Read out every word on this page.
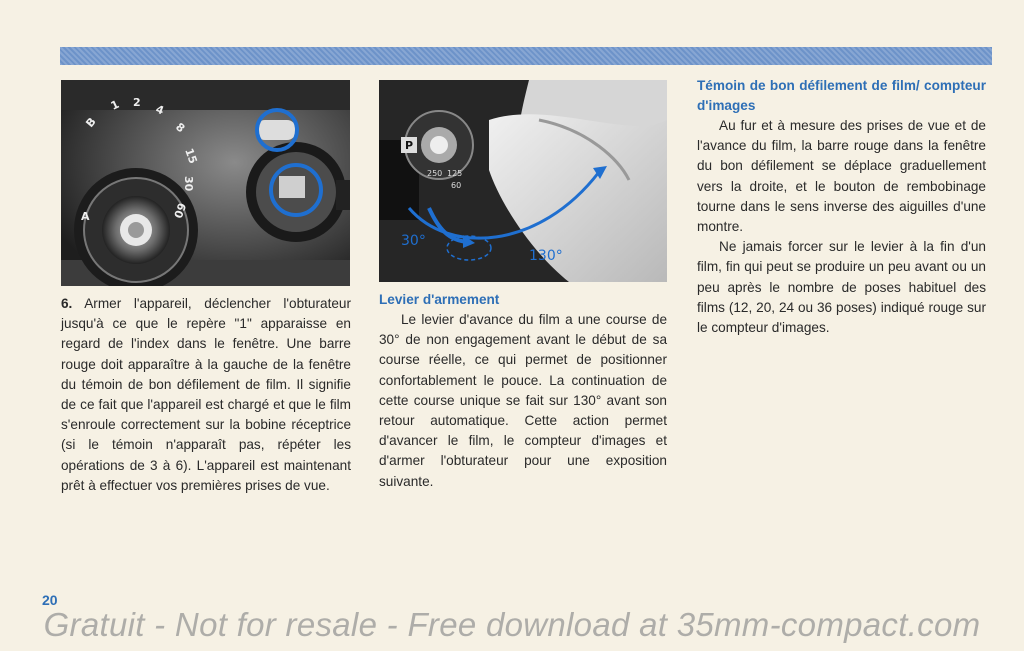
B
1 2
4
8
15
30
60
A
P
250 125
60
30°
130°

6. Armer l'appareil, déclencher l'obturateur jusqu'à ce que le repère "1" apparaisse en regard de l'index dans le fenêtre. Une barre rouge doit apparaître à la gauche de la fenêtre du témoin de bon défilement de film. Il signifie de ce fait que l'appareil est chargé et que le film s'enroule correctement sur la bobine réceptrice (si le témoin n'apparaît pas, répéter les opérations de 3 à 6). L'appareil est maintenant prêt à effectuer vos premières prises de vue.

Levier d'armement

Le levier d'avance du film a une course de 30° de non engagement avant le début de sa course réelle, ce qui permet de positionner confortablement le pouce. La continuation de cette course unique se fait sur 130° avant son retour automatique. Cette action permet d'avancer le film, le compteur d'images et d'armer l'obturateur pour une exposition suivante.

Témoin de bon défilement de film/ compteur d'images

Au fur et à mesure des prises de vue et de l'avance du film, la barre rouge dans la fenêtre du bon défilement se déplace graduellement vers la droite, et le bouton de rembobinage tourne dans le sens inverse des aiguilles d'une montre.

Ne jamais forcer sur le levier à la fin d'un film, fin qui peut se produire un peu avant ou un peu après le nombre de poses habituel des films (12, 20, 24 ou 36 poses) indiqué rouge sur le compteur d'images.

20
Gratuit - Not for resale - Free download at 35mm-compact.com
